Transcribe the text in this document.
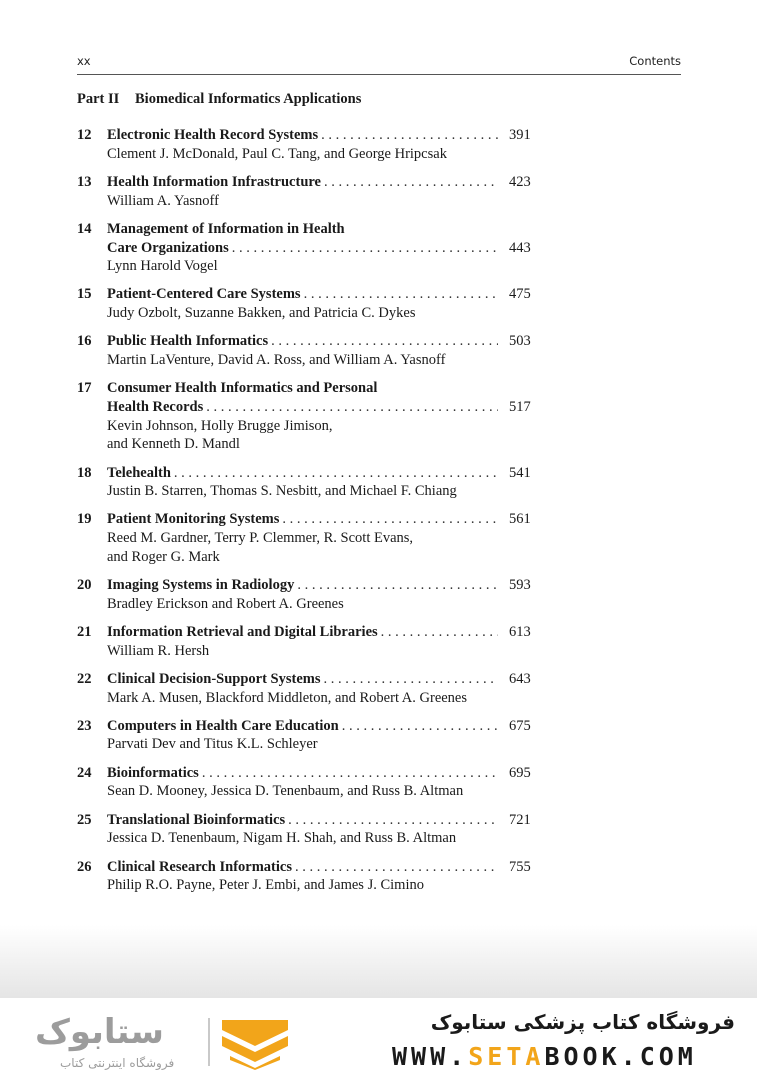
xx	Contents
Part II Biomedical Informatics Applications
12	Electronic Health Record Systems . . .	391
Clement J. McDonald, Paul C. Tang, and George Hripcsak
13	Health Information Infrastructure . . .	423
William A. Yasnoff
14	Management of Information in Health
Care Organizations . . .	443
Lynn Harold Vogel
15	Patient-Centered Care Systems . . .	475
Judy Ozbolt, Suzanne Bakken, and Patricia C. Dykes
16	Public Health Informatics . . .	503
Martin LaVenture, David A. Ross, and William A. Yasnoff
17	Consumer Health Informatics and Personal
Health Records . . .	517
Kevin Johnson, Holly Brugge Jimison,
and Kenneth D. Mandl
18	Telehealth . . .	541
Justin B. Starren, Thomas S. Nesbitt, and Michael F. Chiang
19	Patient Monitoring Systems . . .	561
Reed M. Gardner, Terry P. Clemmer, R. Scott Evans,
and Roger G. Mark
20	Imaging Systems in Radiology . . .	593
Bradley Erickson and Robert A. Greenes
21	Information Retrieval and Digital Libraries . . .	613
William R. Hersh
22	Clinical Decision-Support Systems . . .	643
Mark A. Musen, Blackford Middleton, and Robert A. Greenes
23	Computers in Health Care Education . . .	675
Parvati Dev and Titus K.L. Schleyer
24	Bioinformatics . . .	695
Sean D. Mooney, Jessica D. Tenenbaum, and Russ B. Altman
25	Translational Bioinformatics . . .	721
Jessica D. Tenenbaum, Nigam H. Shah, and Russ B. Altman
26	Clinical Research Informatics . . .	755
Philip R.O. Payne, Peter J. Embi, and James J. Cimino
ستابوک
فروشگاه اینترنتی کتاب
فروشگاه کتاب پزشکی ستابوک
WWW.SETABOOK.COM
